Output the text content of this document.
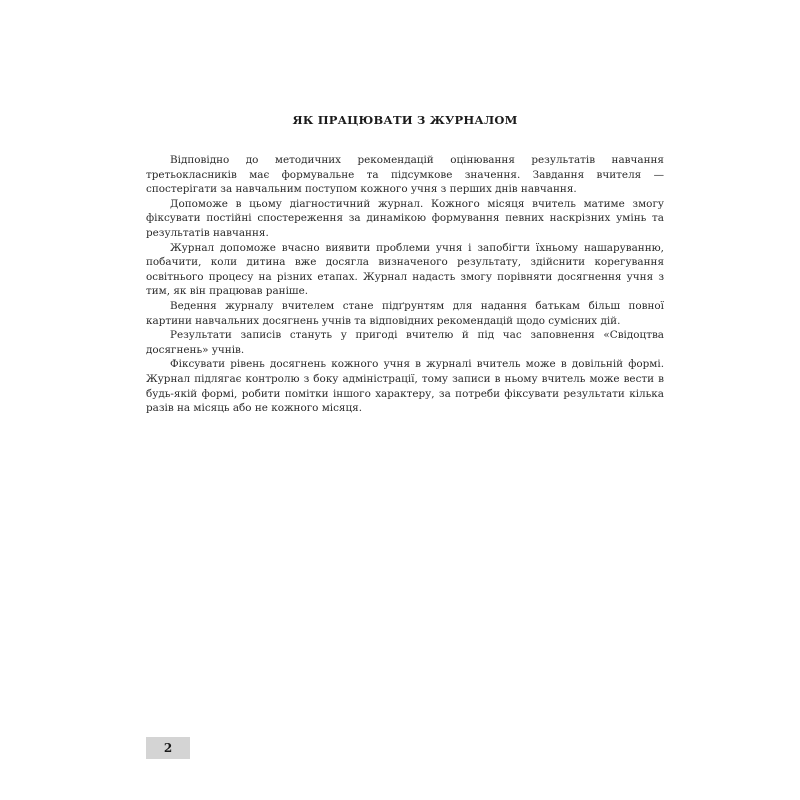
ЯК ПРАЦЮВАТИ З ЖУРНАЛОМ

Відповідно до методичних рекомендацій оцінювання результатів навчання третьокласників має формувальне та підсумкове значення. Завдання вчителя — спостерігати за навчальним поступом кожного учня з перших днів навчання.

Допоможе в цьому діагностичний журнал. Кожного місяця вчитель матиме змогу фіксувати постійні спостереження за динамікою формування певних наскрізних умінь та результатів навчання.

Журнал допоможе вчасно виявити проблеми учня і запобігти їхньому нашаруванню, побачити, коли дитина вже досягла визначеного результату, здійснити корегування освітнього процесу на різних етапах. Журнал надасть змогу порівняти досягнення учня з тим, як він працював раніше.

Ведення журналу вчителем стане підґрунтям для надання батькам більш повної картини навчальних досягнень учнів та відповідних рекомендацій щодо сумісних дій.

Результати записів стануть у пригоді вчителю й під час заповнення «Свідоцтва досягнень» учнів.

Фіксувати рівень досягнень кожного учня в журналі вчитель може в довільній формі. Журнал підлягає контролю з боку адміністрації, тому записи в ньому вчитель може вести в будь-якій формі, робити помітки іншого характеру, за потреби фіксувати результати кілька разів на місяць або не кожного місяця.

2
